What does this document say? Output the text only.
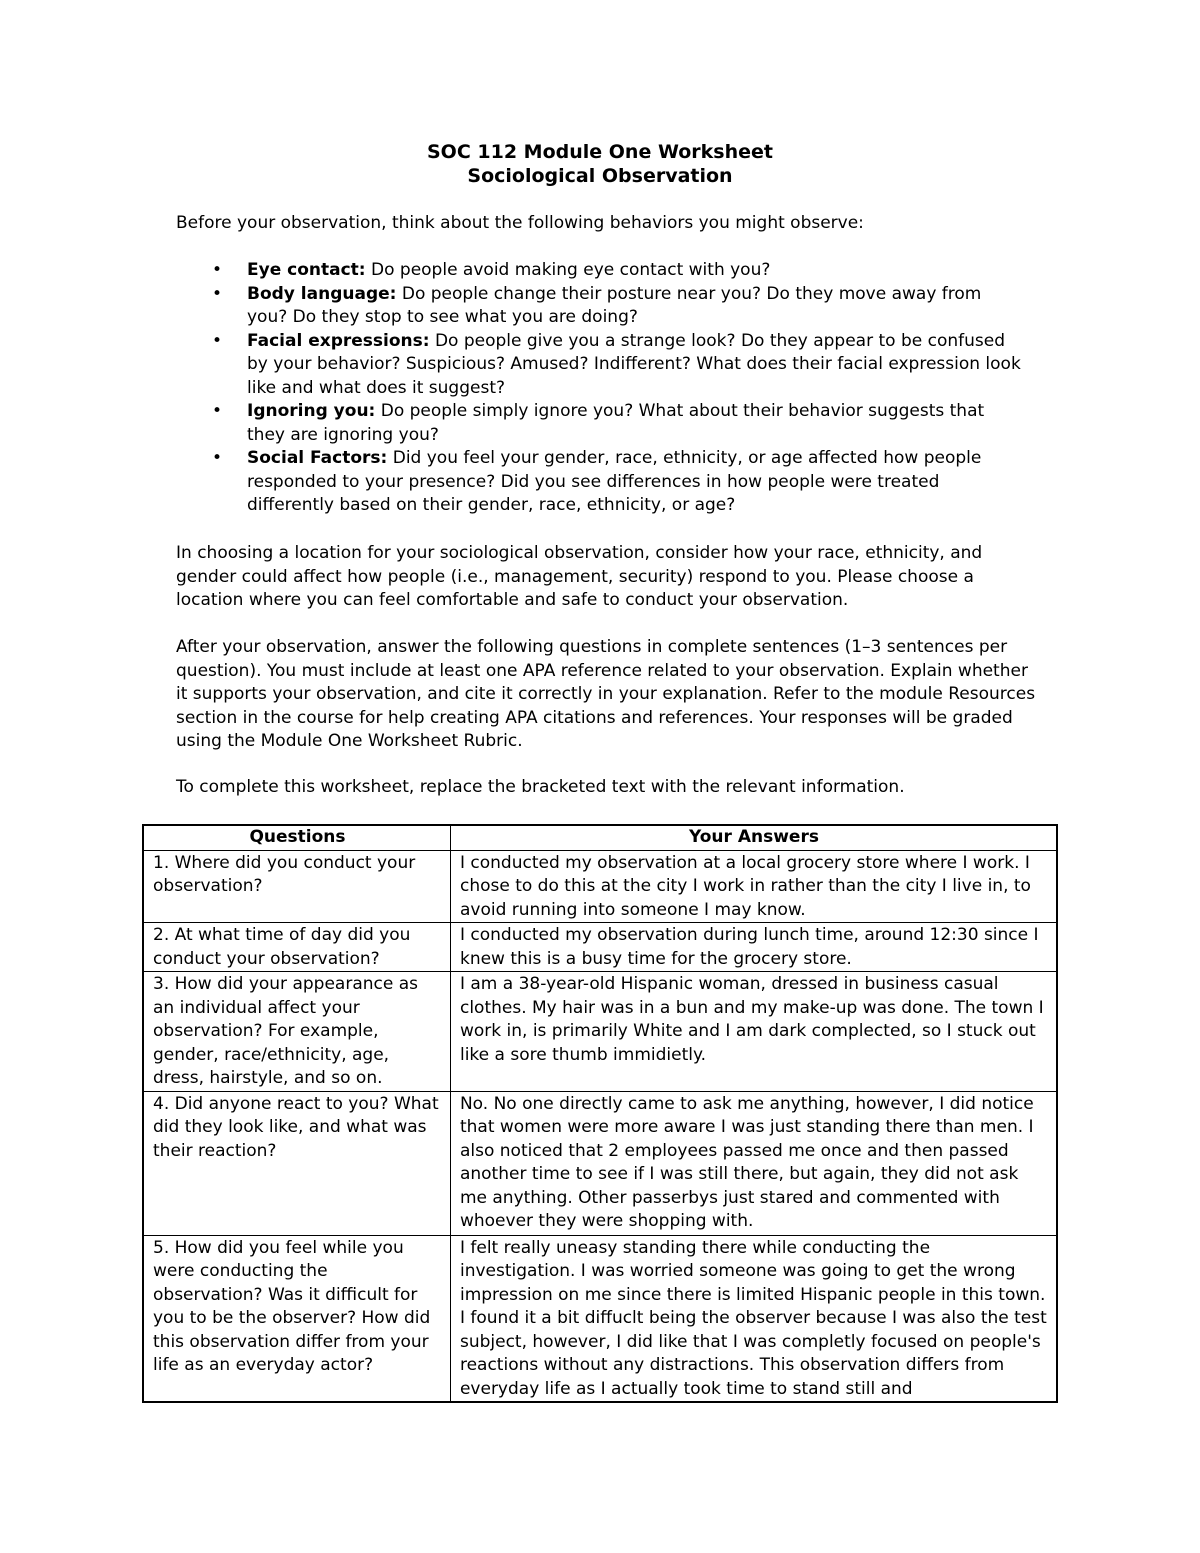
SOC 112 Module One Worksheet
Sociological Observation

Before your observation, think about the following behaviors you might observe:

• Eye contact: Do people avoid making eye contact with you?
• Body language: Do people change their posture near you? Do they move away from you? Do they stop to see what you are doing?
• Facial expressions: Do people give you a strange look? Do they appear to be confused by your behavior? Suspicious? Amused? Indifferent? What does their facial expression look like and what does it suggest?
• Ignoring you: Do people simply ignore you? What about their behavior suggests that they are ignoring you?
• Social Factors: Did you feel your gender, race, ethnicity, or age affected how people responded to your presence? Did you see differences in how people were treated differently based on their gender, race, ethnicity, or age?

In choosing a location for your sociological observation, consider how your race, ethnicity, and gender could affect how people (i.e., management, security) respond to you. Please choose a location where you can feel comfortable and safe to conduct your observation.

After your observation, answer the following questions in complete sentences (1–3 sentences per question). You must include at least one APA reference related to your observation. Explain whether it supports your observation, and cite it correctly in your explanation. Refer to the module Resources section in the course for help creating APA citations and references. Your responses will be graded using the Module One Worksheet Rubric.

To complete this worksheet, replace the bracketed text with the relevant information.

Questions	Your Answers
1. Where did you conduct your observation?	I conducted my observation at a local grocery store where I work. I chose to do this at the city I work in rather than the city I live in, to avoid running into someone I may know.
2. At what time of day did you conduct your observation?	I conducted my observation during lunch time, around 12:30 since I knew this is a busy time for the grocery store.
3. How did your appearance as an individual affect your observation? For example, gender, race/ethnicity, age, dress, hairstyle, and so on.	I am a 38-year-old Hispanic woman, dressed in business casual clothes. My hair was in a bun and my make-up was done. The town I work in, is primarily White and I am dark complected, so I stuck out like a sore thumb immidietly.
4. Did anyone react to you? What did they look like, and what was their reaction?	No. No one directly came to ask me anything, however, I did notice that women were more aware I was just standing there than men. I also noticed that 2 employees passed me once and then passed another time to see if I was still there, but again, they did not ask me anything. Other passerbys just stared and commented with whoever they were shopping with.
5. How did you feel while you were conducting the observation? Was it difficult for you to be the observer? How did this observation differ from your life as an everyday actor?	I felt really uneasy standing there while conducting the investigation. I was worried someone was going to get the wrong impression on me since there is limited Hispanic people in this town. I found it a bit diffuclt being the observer because I was also the test subject, however, I did like that I was completly focused on people's reactions without any distractions. This observation differs from everyday life as I actually took time to stand still and
